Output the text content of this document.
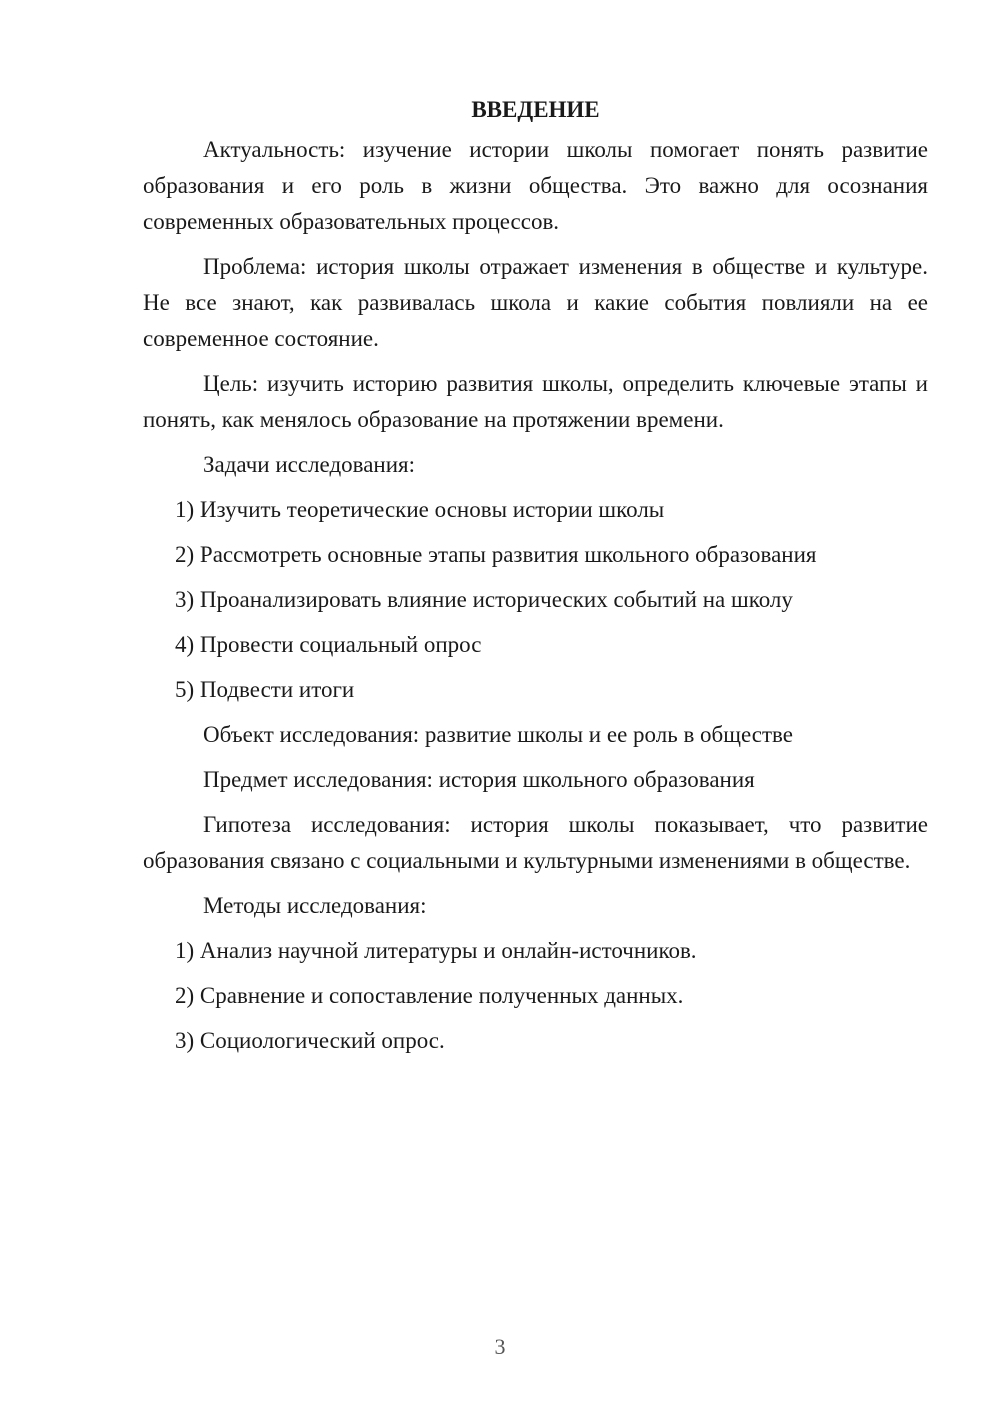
ВВЕДЕНИЕ

Актуальность: изучение истории школы помогает понять развитие образования и его роль в жизни общества. Это важно для осознания современных образовательных процессов.

Проблема: история школы отражает изменения в обществе и культуре. Не все знают, как развивалась школа и какие события повлияли на ее современное состояние.

Цель: изучить историю развития школы, определить ключевые этапы и понять, как менялось образование на протяжении времени.

Задачи исследования:

1) Изучить теоретические основы истории школы
2) Рассмотреть основные этапы развития школьного образования
3) Проанализировать влияние исторических событий на школу
4) Провести социальный опрос
5) Подвести итоги

Объект исследования: развитие школы и ее роль в обществе

Предмет исследования: история школьного образования

Гипотеза исследования: история школы показывает, что развитие образования связано с социальными и культурными изменениями в обществе.

Методы исследования:

1) Анализ научной литературы и онлайн-источников.
2) Сравнение и сопоставление полученных данных.
3) Социологический опрос.
3
